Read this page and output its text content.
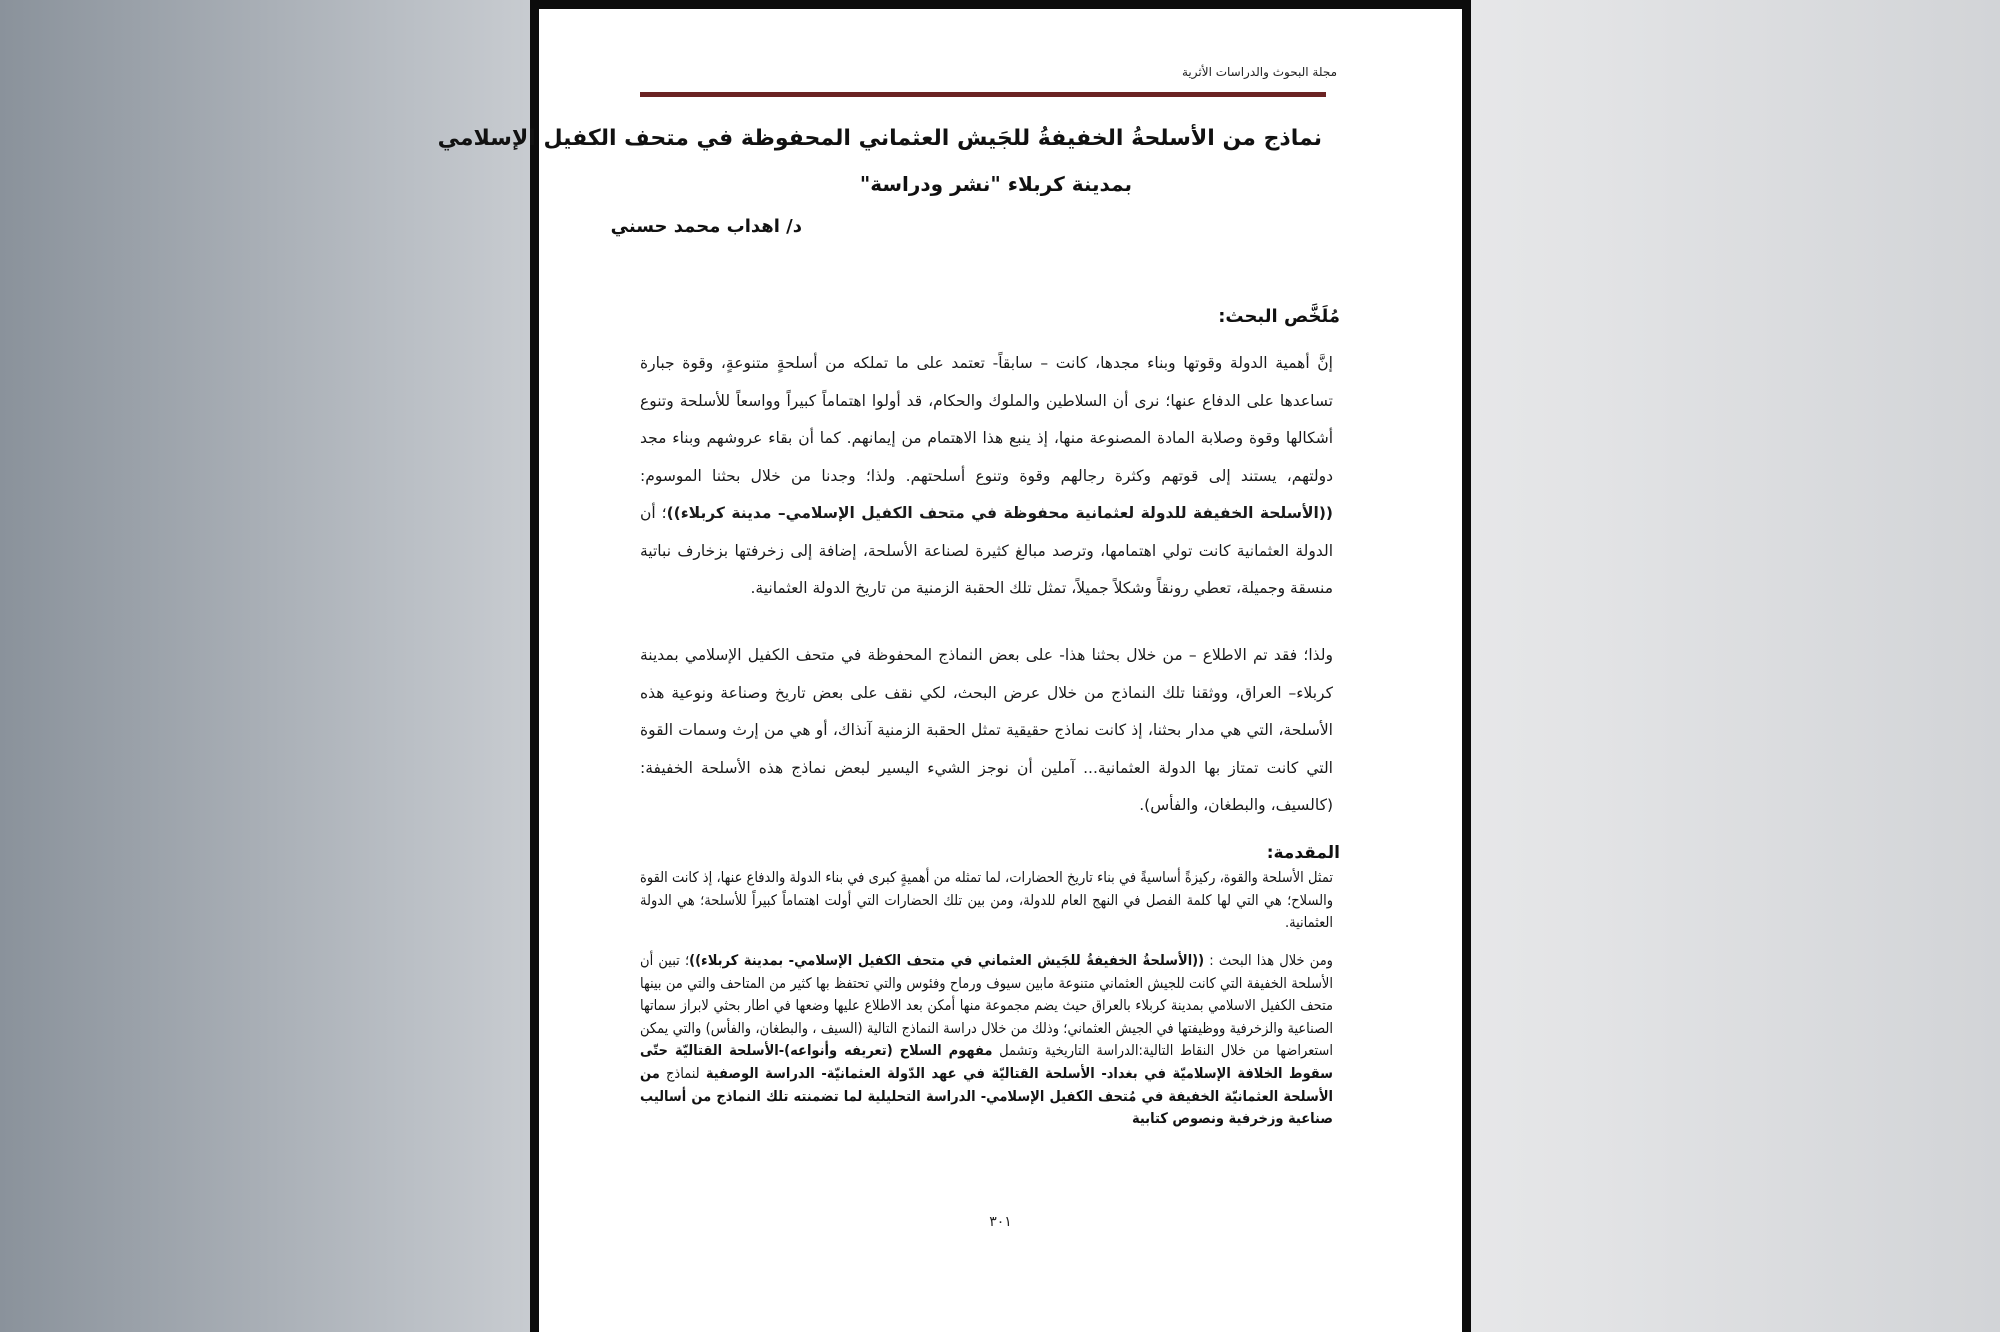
مجلة البحوث والدراسات الأثرية
نماذج من الأسلحةُ الخفيفةُ للجَيش العثماني المحفوظة في متحف الكفيل الإسلامي
بمدينة كربلاء "نشر ودراسة"
د/ اهداب محمد حسني
مُلَخَّص البحث:
إنَّ أهمية الدولة وقوتها وبناء مجدها، كانت – سابقاً- تعتمد على ما تملكه من أسلحةٍ متنوعةٍ، وقوة جبارة تساعدها على الدفاع عنها؛ نرى أن السلاطين والملوك والحكام، قد أولوا اهتماماً كبيراً وواسعاً للأسلحة وتنوع أشكالها وقوة وصلابة المادة المصنوعة منها، إذ ينبع هذا الاهتمام من إيمانهم. كما أن بقاء عروشهم وبناء مجد دولتهم، يستند إلى قوتهم وكثرة رجالهم وقوة وتنوع أسلحتهم. ولذا؛ وجدنا من خلال بحثنا الموسوم: ((الأسلحة الخفيفة للدولة لعثمانية محفوظة في متحف الكفيل الإسلامي– مدينة كربلاء))؛ أن الدولة العثمانية كانت تولي اهتمامها، وترصد مبالغ كثيرة لصناعة الأسلحة، إضافة إلى زخرفتها بزخارف نباتية منسقة وجميلة، تعطي رونقاً وشكلاً جميلاً، تمثل تلك الحقبة الزمنية من تاريخ الدولة العثمانية.
ولذا؛ فقد تم الاطلاع – من خلال بحثنا هذا- على بعض النماذج المحفوظة في متحف الكفيل الإسلامي بمدينة كربلاء– العراق، ووثقنا تلك النماذج من خلال عرض البحث، لكي نقف على بعض تاريخ وصناعة ونوعية هذه الأسلحة، التي هي مدار بحثنا، إذ كانت نماذج حقيقية تمثل الحقبة الزمنية آنذاك، أو هي من إرث وسمات القوة التي كانت تمتاز بها الدولة العثمانية... آملين أن نوجز الشيء اليسير لبعض نماذج هذه الأسلحة الخفيفة: (كالسيف، والبطغان، والفأس).
المقدمة:
تمثل الأسلحة والقوة، ركيزةً أساسيةً في بناء تاريخ الحضارات، لما تمثله من أهميةٍ كبرى في بناء الدولة والدفاع عنها، إذ كانت القوة والسلاح؛ هي التي لها كلمة الفصل في النهج العام للدولة، ومن بين تلك الحضارات التي أولت اهتماماً كبيراً للأسلحة؛ هي الدولة العثمانية.
ومن خلال هذا البحث : ((الأسلحةُ الخفيفةُ للجَيش العثماني في متحف الكفيل الإسلامي- بمدينة كربلاء))؛ تبين أن الأسلحة الخفيفة التي كانت للجيش العثماني متنوعة مابين سيوف ورماح وفئوس والتي تحتفظ بها كثير من المتاحف والتي من بينها متحف الكفيل الاسلامي بمدينة كربلاء بالعراق حيث يضم مجموعة منها أمكن بعد الاطلاع عليها وضعها في اطار بحثي لابراز سماتها الصناعية والزخرفية ووظيفتها في الجيش العثماني؛ وذلك من خلال دراسة النماذج التالية (السيف ، والبطغان، والفأس) والتي يمكن استعراضها من خلال النقاط التالية:الدراسة التاريخية وتشمل مفهوم السلاح (تعريفه وأنواعه)-الأسلحة القتاليّة حتّى سقوط الخلافة الإسلاميّة في بغداد- الأسلحة القتاليّة في عهد الدّولة العثمانيّة- الدراسة الوصفية لنماذج من الأسلحة العثمانيّة الخفيفة في مُتحف الكفيل الإسلامي- الدراسة التحليلية لما تضمنته تلك النماذج من أساليب صناعية وزخرفية ونصوص كتابية
٣٠١
